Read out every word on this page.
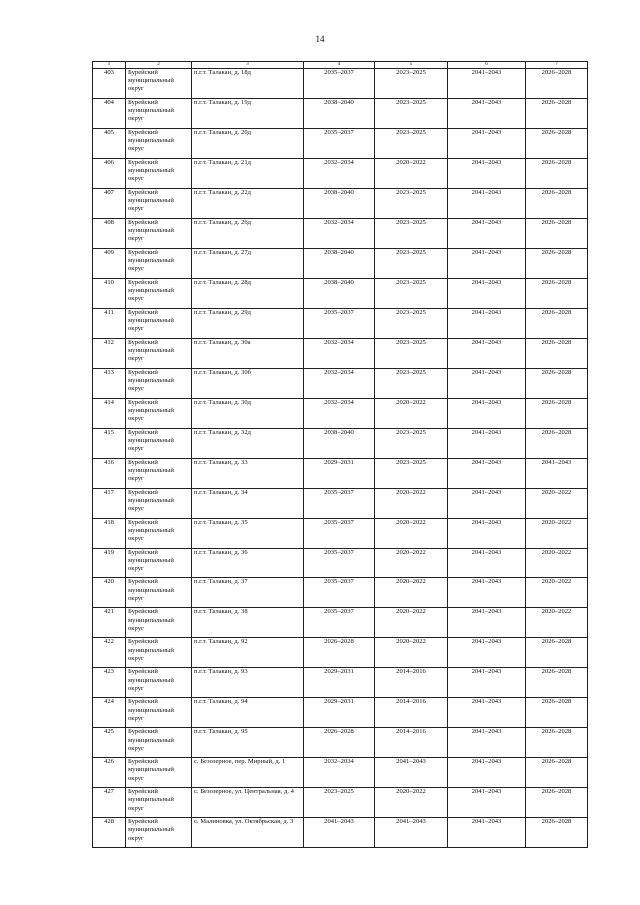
14
1	2	3	4	5	6	7
403	Бурейский муниципальный округ	п.г.т. Талакан, д. 18д	2035–2037	2023–2025	2041–2043	2026–2028
404	Бурейский муниципальный округ	п.г.т. Талакан, д. 19д	2038–2040	2023–2025	2041–2043	2026–2028
405	Бурейский муниципальный округ	п.г.т. Талакан, д. 20д	2035–2037	2023–2025	2041–2043	2026–2028
406	Бурейский муниципальный округ	п.г.т. Талакан, д. 21д	2032–2034	2020–2022	2041–2043	2026–2028
407	Бурейский муниципальный округ	п.г.т. Талакан, д. 22д	2038–2040	2023–2025	2041–2043	2026–2028
408	Бурейский муниципальный округ	п.г.т. Талакан, д. 26д	2032–2034	2023–2025	2041–2043	2026–2028
409	Бурейский муниципальный округ	п.г.т. Талакан, д. 27д	2038–2040	2023–2025	2041–2043	2026–2028
410	Бурейский муниципальный округ	п.г.т. Талакан, д. 28д	2038–2040	2023–2025	2041–2043	2026–2028
411	Бурейский муниципальный округ	п.г.т. Талакан, д. 29д	2035–2037	2023–2025	2041–2043	2026–2028
412	Бурейский муниципальный округ	п.г.т. Талакан, д. 30а	2032–2034	2023–2025	2041–2043	2026–2028
413	Бурейский муниципальный округ	п.г.т. Талакан, д. 30б	2032–2034	2023–2025	2041–2043	2026–2028
414	Бурейский муниципальный округ	п.г.т. Талакан, д. 30д	2032–2034	2020–2022	2041–2043	2026–2028
415	Бурейский муниципальный округ	п.г.т. Талакан, д. 32д	2038–2040	2023–2025	2041–2043	2026–2028
416	Бурейский муниципальный округ	п.г.т. Талакан, д. 33	2029–2031	2023–2025	2041–2043	2041–2043
417	Бурейский муниципальный округ	п.г.т. Талакан, д. 34	2035–2037	2020–2022	2041–2043	2020–2022
418	Бурейский муниципальный округ	п.г.т. Талакан, д. 35	2035–2037	2020–2022	2041–2043	2020–2022
419	Бурейский муниципальный округ	п.г.т. Талакан, д. 36	2035–2037	2020–2022	2041–2043	2020–2022
420	Бурейский муниципальный округ	п.г.т. Талакан, д. 37	2035–2037	2020–2022	2041–2043	2020–2022
421	Бурейский муниципальный округ	п.г.т. Талакан, д. 38	2035–2037	2020–2022	2041–2043	2020–2022
422	Бурейский муниципальный округ	п.г.т. Талакан, д. 92	2026–2028	2020–2022	2041–2043	2026–2028
423	Бурейский муниципальный округ	п.г.т. Талакан, д. 93	2029–2031	2014–2016	2041–2043	2026–2028
424	Бурейский муниципальный округ	п.г.т. Талакан, д. 94	2029–2031	2014–2016	2041–2043	2026–2028
425	Бурейский муниципальный округ	п.г.т. Талакан, д. 95	2026–2028	2014–2016	2041–2043	2026–2028
426	Бурейский муниципальный округ	с. Безозерное, пер. Мирный, д. 1	2032–2034	2041–2043	2041–2043	2026–2028
427	Бурейский муниципальный округ	с. Безозерное, ул. Центральная, д. 4	2023–2025	2020–2022	2041–2043	2026–2028
428	Бурейский муниципальный округ	с. Малиновка, ул. Октябрьская, д. 3	2041–2043	2041–2043	2041–2043	2026–2028
